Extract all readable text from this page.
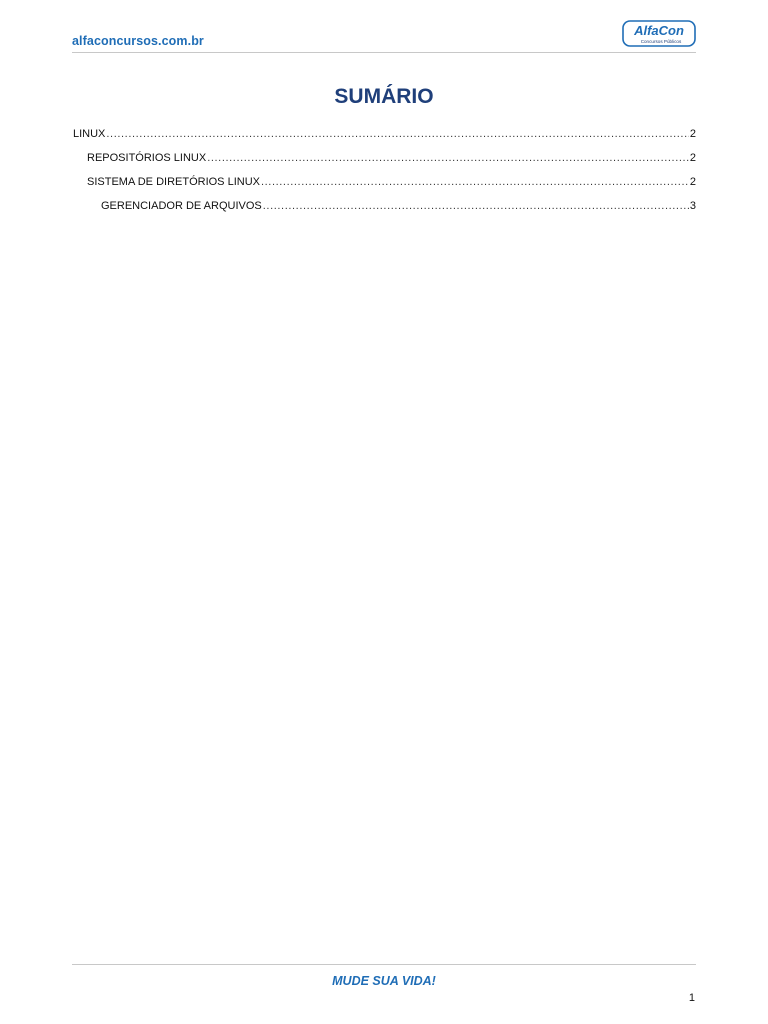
alfaconcursos.com.br
AlfaCon
Concursos Públicos
SUMÁRIO
LINUX .....	2
REPOSITÓRIOS LINUX .....	2
SISTEMA DE DIRETÓRIOS LINUX .....	2
GERENCIADOR DE ARQUIVOS .....	3
MUDE SUA VIDA!
1
